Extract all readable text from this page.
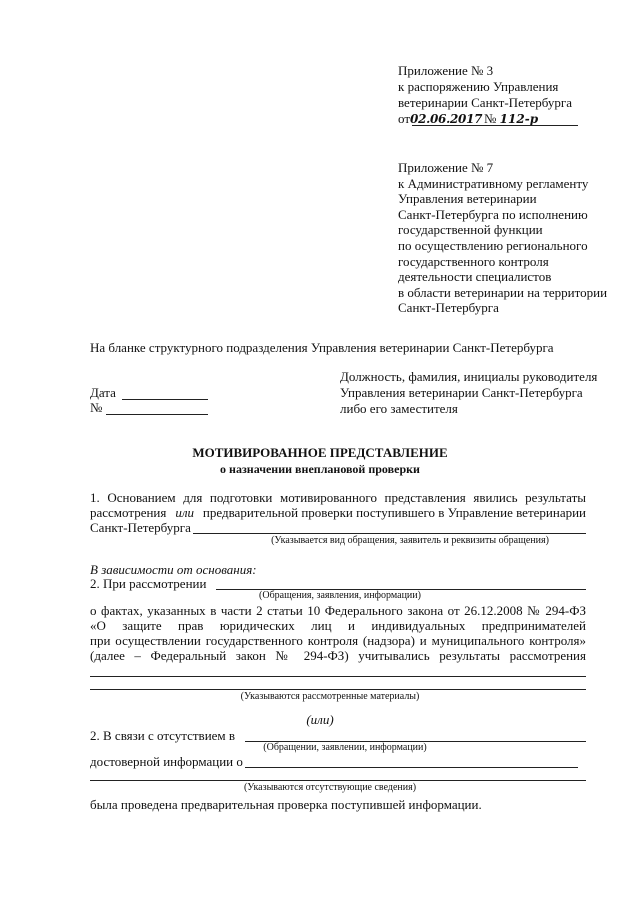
Приложение № 3
к распоряжению Управления
ветеринарии Санкт-Петербурга
от02.06.2017 № 112-р
Приложение № 7
к Административному регламенту
Управления ветеринарии
Санкт-Петербурга по исполнению
государственной функции
по осуществлению регионального
государственного контроля
деятельности специалистов
в области ветеринарии на территории
Санкт-Петербурга
На бланке структурного подразделения Управления ветеринарии Санкт-Петербурга
Должность, фамилия, инициалы руководителя
Управления ветеринарии Санкт-Петербурга
либо его заместителя
Дата
№
МОТИВИРОВАННОЕ ПРЕДСТАВЛЕНИЕ
о назначении внеплановой проверки
1. Основанием для подготовки мотивированного представления явились результаты
рассмотрения или предварительной проверки поступившего в Управление ветеринарии
Санкт-Петербурга
(Указывается вид обращения, заявитель и реквизиты обращения)
В зависимости от основания:
2. При рассмотрении
(Обращения, заявления, информации)
о фактах, указанных в части 2 статьи 10 Федерального закона от 26.12.2008 № 294-ФЗ
«О защите прав юридических лиц и индивидуальных предпринимателей
при осуществлении государственного контроля (надзора) и муниципального контроля»
(далее – Федеральный закон № 294-ФЗ) учитывались результаты рассмотрения
(Указываются рассмотренные материалы)
(или)
2. В связи с отсутствием в
(Обращении, заявлении, информации)
достоверной информации о
(Указываются отсутствующие сведения)
была проведена предварительная проверка поступившей информации.
